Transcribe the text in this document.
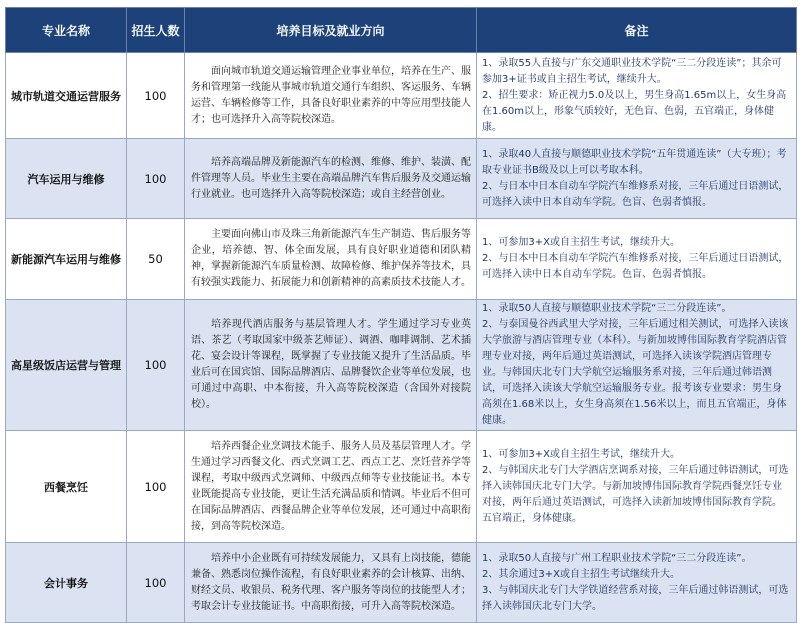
专业名称	招生人数	培养目标及就业方向	备注
城市轨道交通运营服务	100	面向城市轨道交通运输管理企业事业单位，培养在生产、服务和管理第一线能从事城市轨道交通行车组织、客运服务、车辆运营、车辆检修等工作，具备良好职业素养的中等应用型技能人才；也可选择升入高等院校深造。	1、录取55人直接与广东交通职业技术学院“三二分段连读”；其余可参加3+证书或自主招生考试，继续升大。
2、招生要求：矫正视力5.0及以上，男生身高1.65m以上，女生身高在1.60m以上，形象气质较好，无色盲、色弱，五官端正，身体健康。

汽车运用与维修	100	培养高端品牌及新能源汽车的检测、维修、维护、装潢、配件管理等人员。毕业生主要在高端品牌汽车售后服务及交通运输行业就业。也可选择升入高等院校深造；或自主经营创业。	1、录取40人直接与顺德职业技术学院“五年贯通连读”（大专班）；考取专业证书B级及以上可以考取本科。
2、与日本中日本自动车学院汽车维修系对接，三年后通过日语测试，可选择入读中日本自动车学院。色盲、色弱者慎报。

新能源汽车运用与维修	50	主要面向佛山市及珠三角新能源汽车生产制造、售后服务等企业，培养德、智、体全面发展，具有良好职业道德和团队精神，掌握新能源汽车质量检测、故障检修、维护保养等技术，具有较强实践能力、拓展能力和创新精神的高素质技术技能人才。	1、可参加3+X或自主招生考试，继续升大。
2、与日本中日本自动车学院汽车维修系对接，三年后通过日语测试，可选择入读中日本自动车学院。色盲、色弱者慎报。

高星级饭店运营与管理	100	培养现代酒店服务与基层管理人才。学生通过学习专业英语、茶艺（考取国家中级茶艺师证）、调酒、咖啡调制、艺术插花、宴会设计等课程，既掌握了专业技能又提升了生活品质。毕业后可在国宾馆、国际品牌酒店、品牌餐饮企业等单位发展，也可通过中高职、中本衔接，升入高等院校深造（含国外对接院校）。	1、录取50人直接与顺德职业技术学院“三二分段连读”。
2、与泰国曼谷西武里大学对接，三年后通过相关测试，可选择入读该大学旅游与酒店管理专业（本科）。与新加坡博伟国际教育学院酒店管理专业对接，两年后通过英语测试，可选择入读该学院酒店管理专业。与韩国庆北专门大学航空运输服务系对接，三年后通过韩语测试，可选择入读该大学航空运输服务专业。报考该专业要求：男生身高须在1.68米以上，女生身高须在1.56米以上，而且五官端正，身体健康。

西餐烹饪	100	培养西餐企业烹调技术能手、服务人员及基层管理人才。学生通过学习西餐文化、西式烹调工艺、西点工艺、烹饪营养学等课程，考取中级西式烹调师、中级西点师等专业技能证书。本专业既能提高专业技能，更让生活充满品质和情调。毕业后不但可在国际品牌酒店、西餐品牌企业等单位发展，还可通过中高职衔接，到高等院校深造。	1、可参加3+X或自主招生考试，继续升大。
2、与韩国庆北专门大学酒店烹调系对接，三年后通过韩语测试，可选择入读韩国庆北专门大学。与新加坡博伟国际教育学院西餐烹饪专业对接，两年后通过英语测试，可选择入读新加坡博伟国际教育学院。五官端正，身体健康。

会计事务	100	培养中小企业既有可持续发展能力，又具有上岗技能，德能兼备、熟悉岗位操作流程，有良好职业素养的会计核算、出纳、财经文员、收银员、税务代理、客户服务等岗位的技能型人才；考取会计专业技能证书。中高职衔接，可升入高等院校深造。	1、录取50人直接与广州工程职业技术学院“三二分段连读”。
2、其余通过3+X或自主招生考试继续升大。
3、与韩国庆北专门大学铁道经营系对接，三年后通过韩语测试，可选择入读韩国庆北专门大学。
